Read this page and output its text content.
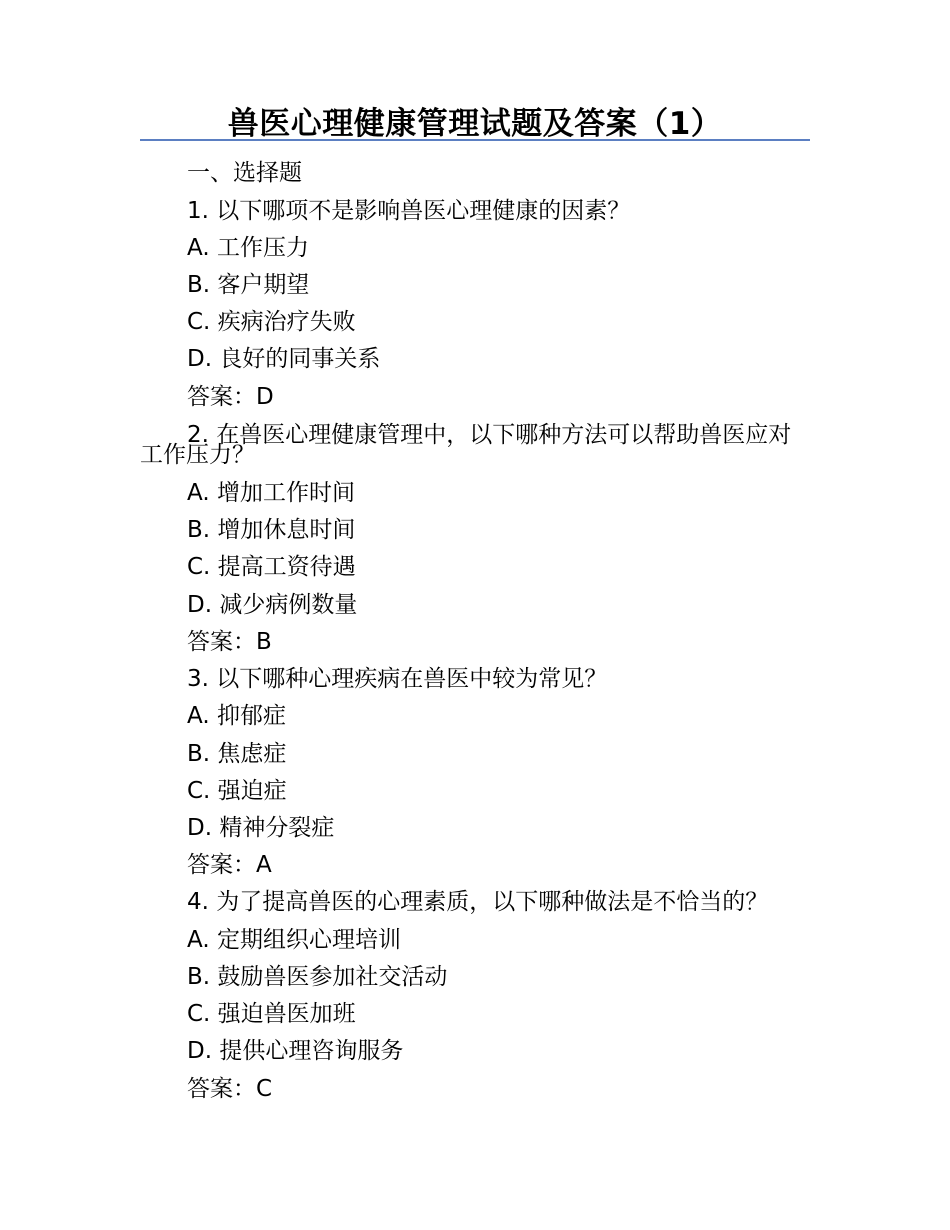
兽医心理健康管理试题及答案（1）
一、选择题
1. 以下哪项不是影响兽医心理健康的因素？
A. 工作压力
B. 客户期望
C. 疾病治疗失败
D. 良好的同事关系
答案：D
2. 在兽医心理健康管理中，以下哪种方法可以帮助兽医应对工作压力？
A. 增加工作时间
B. 增加休息时间
C. 提高工资待遇
D. 减少病例数量
答案：B
3. 以下哪种心理疾病在兽医中较为常见？
A. 抑郁症
B. 焦虑症
C. 强迫症
D. 精神分裂症
答案：A
4. 为了提高兽医的心理素质，以下哪种做法是不恰当的？
A. 定期组织心理培训
B. 鼓励兽医参加社交活动
C. 强迫兽医加班
D. 提供心理咨询服务
答案：C
